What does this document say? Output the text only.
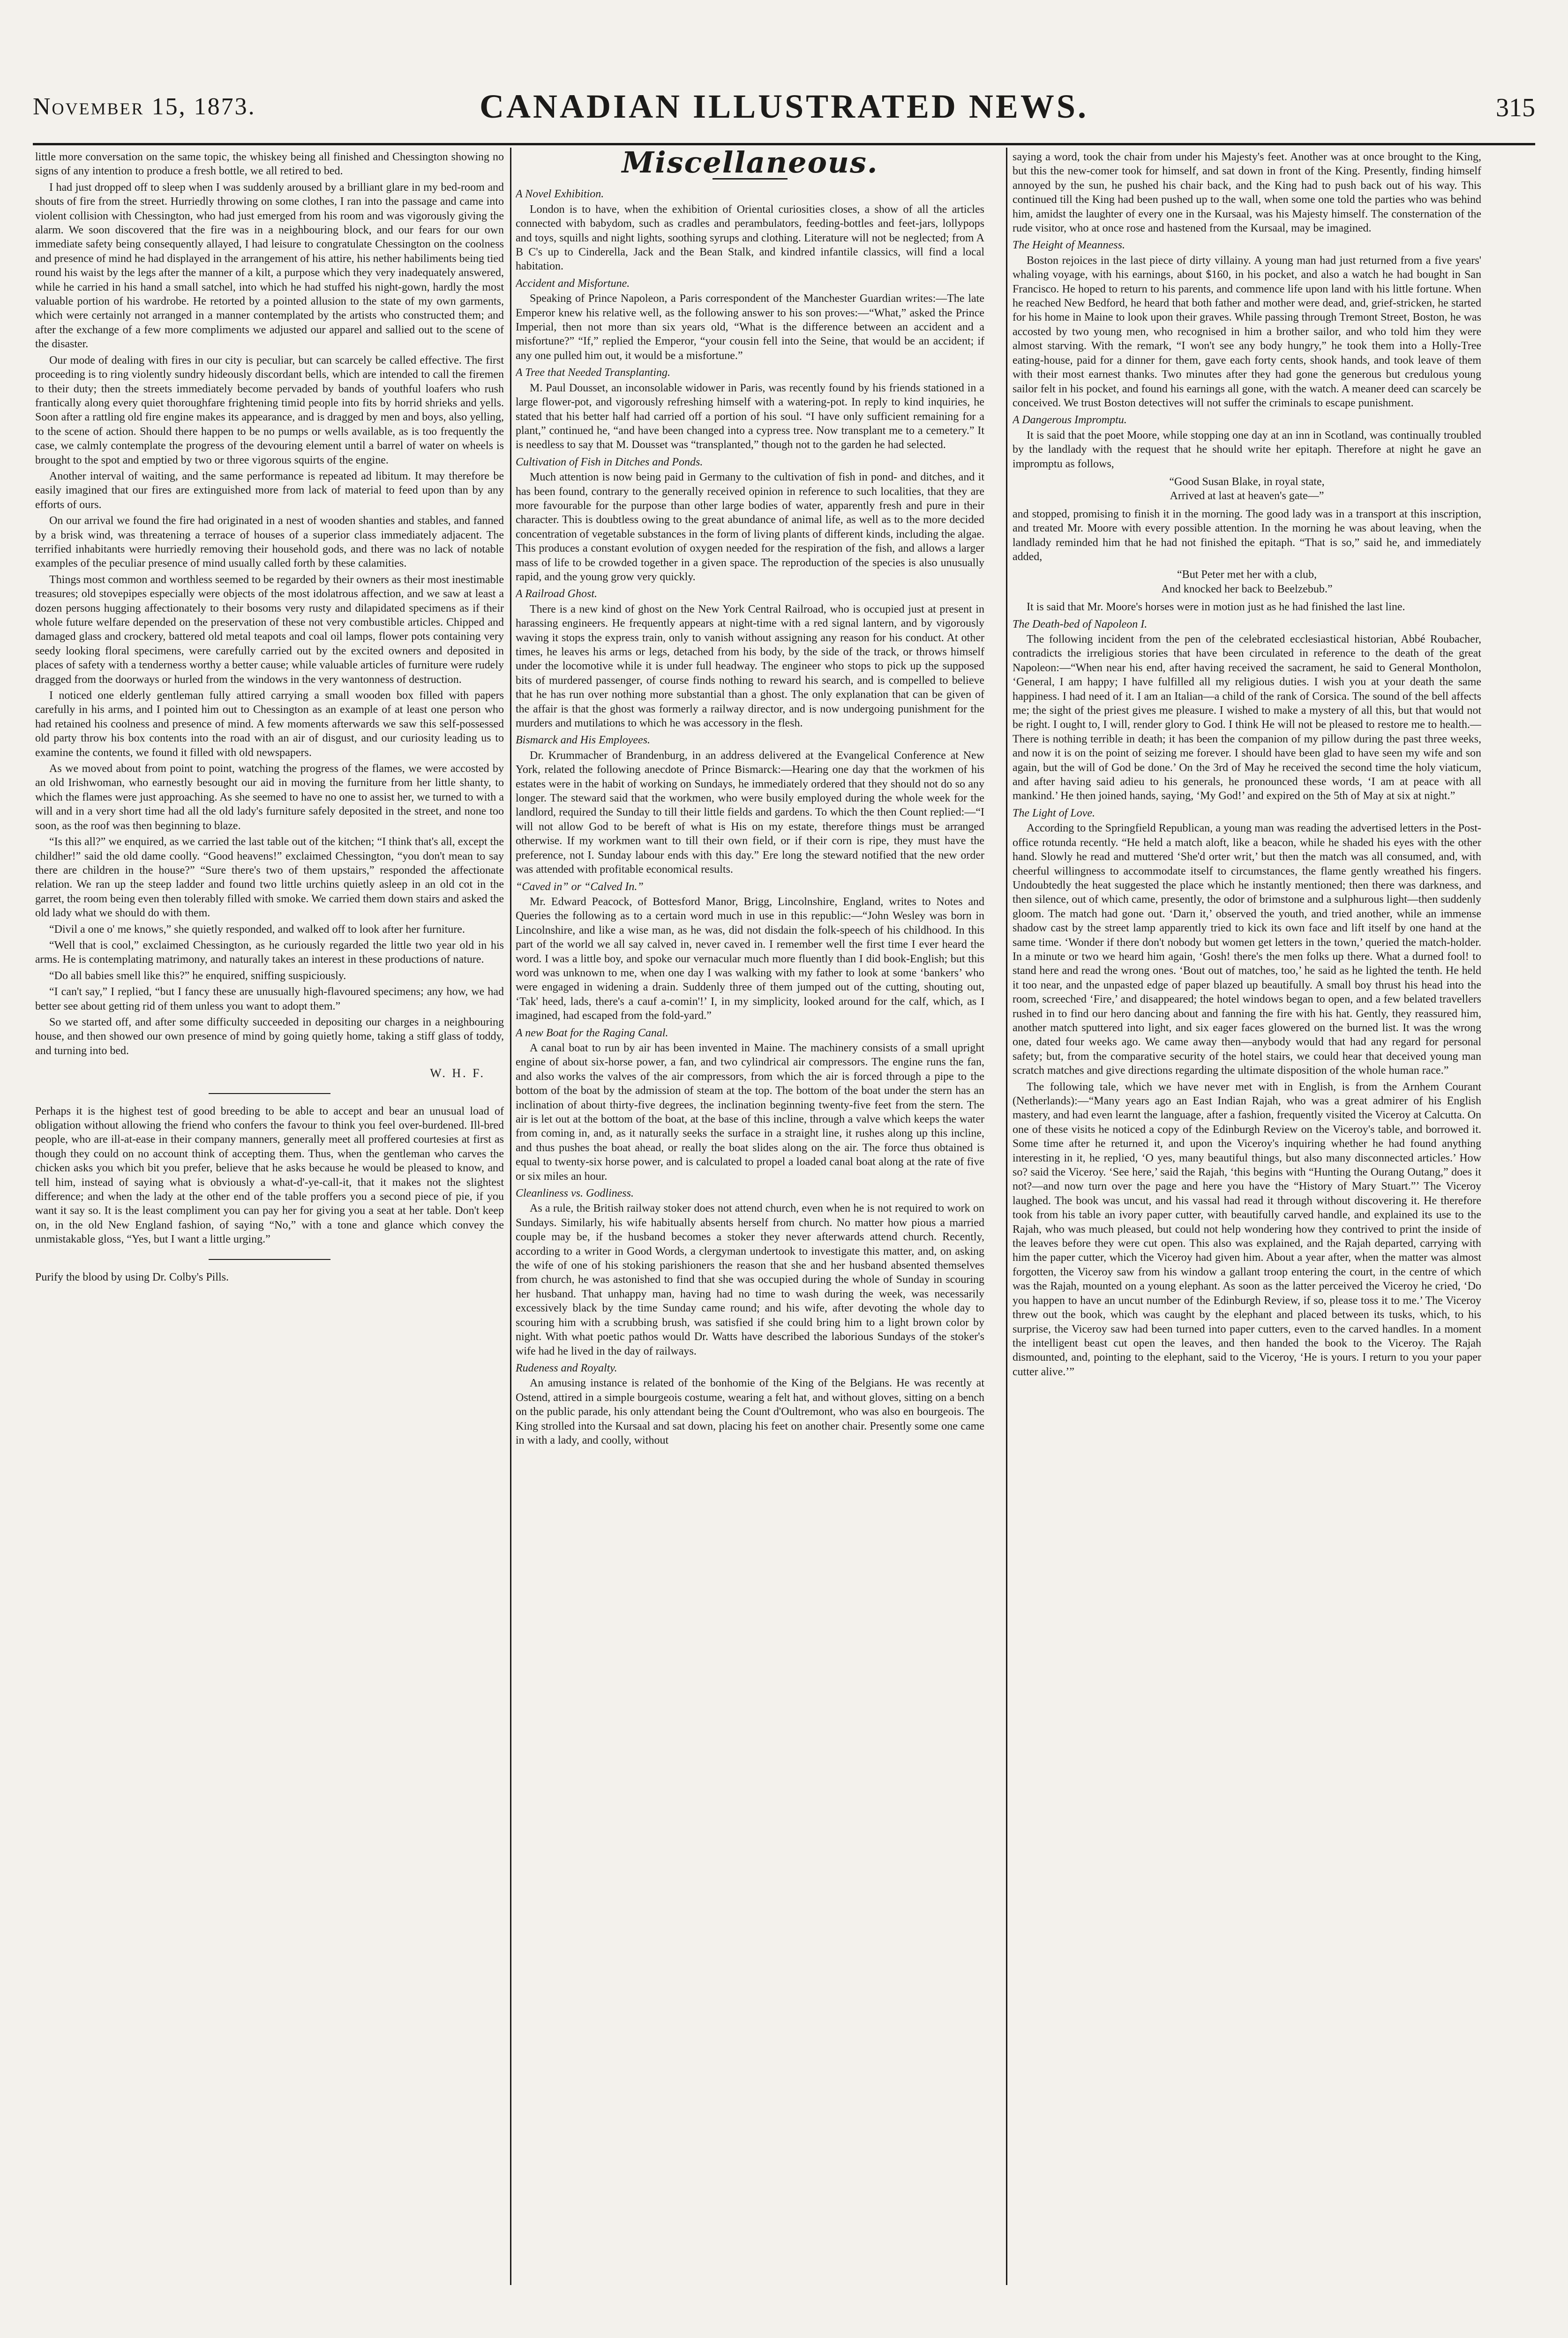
November 15, 1873.	CANADIAN ILLUSTRATED NEWS.	315

little more conversation on the same topic, the whiskey being all finished and Chessington showing no signs of any intention to produce a fresh bottle, we all retired to bed.

I had just dropped off to sleep when I was suddenly aroused by a brilliant glare in my bed-room and shouts of fire from the street. Hurriedly throwing on some clothes, I ran into the passage and came into violent collision with Chessington, who had just emerged from his room and was vigorously giving the alarm. We soon discovered that the fire was in a neighbouring block, and our fears for our own immediate safety being consequently allayed, I had leisure to congratulate Chessington on the coolness and presence of mind he had displayed in the arrangement of his attire, his nether habiliments being tied round his waist by the legs after the manner of a kilt, a purpose which they very inadequately answered, while he carried in his hand a small satchel, into which he had stuffed his night-gown, hardly the most valuable portion of his wardrobe. He retorted by a pointed allusion to the state of my own garments, which were certainly not arranged in a manner contemplated by the artists who constructed them; and after the exchange of a few more compliments we adjusted our apparel and sallied out to the scene of the disaster.

Our mode of dealing with fires in our city is peculiar, but can scarcely be called effective. The first proceeding is to ring violently sundry hideously discordant bells, which are intended to call the firemen to their duty; then the streets immediately become pervaded by bands of youthful loafers who rush frantically along every quiet thoroughfare frightening timid people into fits by horrid shrieks and yells. Soon after a rattling old fire engine makes its appearance, and is dragged by men and boys, also yelling, to the scene of action. Should there happen to be no pumps or wells available, as is too frequently the case, we calmly contemplate the progress of the devouring element until a barrel of water on wheels is brought to the spot and emptied by two or three vigorous squirts of the engine.

Another interval of waiting, and the same performance is repeated ad libitum. It may therefore be easily imagined that our fires are extinguished more from lack of material to feed upon than by any efforts of ours.

On our arrival we found the fire had originated in a nest of wooden shanties and stables, and fanned by a brisk wind, was threatening a terrace of houses of a superior class immediately adjacent. The terrified inhabitants were hurriedly removing their household gods, and there was no lack of notable examples of the peculiar presence of mind usually called forth by these calamities.

Things most common and worthless seemed to be regarded by their owners as their most inestimable treasures; old stovepipes especially were objects of the most idolatrous affection, and we saw at least a dozen persons hugging affectionately to their bosoms very rusty and dilapidated specimens as if their whole future welfare depended on the preservation of these not very combustible articles. Chipped and damaged glass and crockery, battered old metal teapots and coal oil lamps, flower pots containing very seedy looking floral specimens, were carefully carried out by the excited owners and deposited in places of safety with a tenderness worthy a better cause; while valuable articles of furniture were rudely dragged from the doorways or hurled from the windows in the very wantonness of destruction.

I noticed one elderly gentleman fully attired carrying a small wooden box filled with papers carefully in his arms, and I pointed him out to Chessington as an example of at least one person who had retained his coolness and presence of mind. A few moments afterwards we saw this self-possessed old party throw his box contents into the road with an air of disgust, and our curiosity leading us to examine the contents, we found it filled with old newspapers.

As we moved about from point to point, watching the progress of the flames, we were accosted by an old Irishwoman, who earnestly besought our aid in moving the furniture from her little shanty, to which the flames were just approaching. As she seemed to have no one to assist her, we turned to with a will and in a very short time had all the old lady's furniture safely deposited in the street, and none too soon, as the roof was then beginning to blaze.

“Is this all?” we enquired, as we carried the last table out of the kitchen; “I think that's all, except the childher!” said the old dame coolly. “Good heavens!” exclaimed Chessington, “you don't mean to say there are children in the house?” “Sure there's two of them upstairs,” responded the affectionate relation. We ran up the steep ladder and found two little urchins quietly asleep in an old cot in the garret, the room being even then tolerably filled with smoke. We carried them down stairs and asked the old lady what we should do with them.

“Divil a one o' me knows,” she quietly responded, and walked off to look after her furniture.

“Well that is cool,” exclaimed Chessington, as he curiously regarded the little two year old in his arms. He is contemplating matrimony, and naturally takes an interest in these productions of nature.

“Do all babies smell like this?” he enquired, sniffing suspiciously.

“I can't say,” I replied, “but I fancy these are unusually high-flavoured specimens; any how, we had better see about getting rid of them unless you want to adopt them.”

So we started off, and after some difficulty succeeded in depositing our charges in a neighbouring house, and then showed our own presence of mind by going quietly home, taking a stiff glass of toddy, and turning into bed.

W. H. F.

Perhaps it is the highest test of good breeding to be able to accept and bear an unusual load of obligation without allowing the friend who confers the favour to think you feel over-burdened. Ill-bred people, who are ill-at-ease in their company manners, generally meet all proffered courtesies at first as though they could on no account think of accepting them. Thus, when the gentleman who carves the chicken asks you which bit you prefer, believe that he asks because he would be pleased to know, and tell him, instead of saying what is obviously a what-d'-ye-call-it, that it makes not the slightest difference; and when the lady at the other end of the table proffers you a second piece of pie, if you want it say so. It is the least compliment you can pay her for giving you a seat at her table. Don't keep on, in the old New England fashion, of saying “No,” with a tone and glance which convey the unmistakable gloss, “Yes, but I want a little urging.”

Purify the blood by using Dr. Colby's Pills.

Miscellaneous.

A Novel Exhibition.

London is to have, when the exhibition of Oriental curiosities closes, a show of all the articles connected with babydom, such as cradles and perambulators, feeding-bottles and feet-jars, lollypops and toys, squills and night lights, soothing syrups and clothing. Literature will not be neglected; from A B C's up to Cinderella, Jack and the Bean Stalk, and kindred infantile classics, will find a local habitation.

Accident and Misfortune.

Speaking of Prince Napoleon, a Paris correspondent of the Manchester Guardian writes:—The late Emperor knew his relative well, as the following answer to his son proves:—“What,” asked the Prince Imperial, then not more than six years old, “What is the difference between an accident and a misfortune?” “If,” replied the Emperor, “your cousin fell into the Seine, that would be an accident; if any one pulled him out, it would be a misfortune.”

A Tree that Needed Transplanting.

M. Paul Dousset, an inconsolable widower in Paris, was recently found by his friends stationed in a large flower-pot, and vigorously refreshing himself with a watering-pot. In reply to kind inquiries, he stated that his better half had carried off a portion of his soul. “I have only sufficient remaining for a plant,” continued he, “and have been changed into a cypress tree. Now transplant me to a cemetery.” It is needless to say that M. Dousset was “transplanted,” though not to the garden he had selected.

Cultivation of Fish in Ditches and Ponds.

Much attention is now being paid in Germany to the cultivation of fish in pond- and ditches, and it has been found, contrary to the generally received opinion in reference to such localities, that they are more favourable for the purpose than other large bodies of water, apparently fresh and pure in their character. This is doubtless owing to the great abundance of animal life, as well as to the more decided concentration of vegetable substances in the form of living plants of different kinds, including the algae. This produces a constant evolution of oxygen needed for the respiration of the fish, and allows a larger mass of life to be crowded together in a given space. The reproduction of the species is also unusually rapid, and the young grow very quickly.

A Railroad Ghost.

There is a new kind of ghost on the New York Central Railroad, who is occupied just at present in harassing engineers. He frequently appears at night-time with a red signal lantern, and by vigorously waving it stops the express train, only to vanish without assigning any reason for his conduct. At other times, he leaves his arms or legs, detached from his body, by the side of the track, or throws himself under the locomotive while it is under full headway. The engineer who stops to pick up the supposed bits of murdered passenger, of course finds nothing to reward his search, and is compelled to believe that he has run over nothing more substantial than a ghost. The only explanation that can be given of the affair is that the ghost was formerly a railway director, and is now undergoing punishment for the murders and mutilations to which he was accessory in the flesh.

Bismarck and His Employees.

Dr. Krummacher of Brandenburg, in an address delivered at the Evangelical Conference at New York, related the following anecdote of Prince Bismarck:—Hearing one day that the workmen of his estates were in the habit of working on Sundays, he immediately ordered that they should not do so any longer. The steward said that the workmen, who were busily employed during the whole week for the landlord, required the Sunday to till their little fields and gardens. To which the then Count replied:—“I will not allow God to be bereft of what is His on my estate, therefore things must be arranged otherwise. If my workmen want to till their own field, or if their corn is ripe, they must have the preference, not I. Sunday labour ends with this day.” Ere long the steward notified that the new order was attended with profitable economical results.

“Caved in” or “Calved In.”

Mr. Edward Peacock, of Bottesford Manor, Brigg, Lincolnshire, England, writes to Notes and Queries the following as to a certain word much in use in this republic:—“John Wesley was born in Lincolnshire, and like a wise man, as he was, did not disdain the folk-speech of his childhood. In this part of the world we all say calved in, never caved in. I remember well the first time I ever heard the word. I was a little boy, and spoke our vernacular much more fluently than I did book-English; but this word was unknown to me, when one day I was walking with my father to look at some ‘bankers’ who were engaged in widening a drain. Suddenly three of them jumped out of the cutting, shouting out, ‘Tak' heed, lads, there's a cauf a-comin'!’ I, in my simplicity, looked around for the calf, which, as I imagined, had escaped from the fold-yard.”

A new Boat for the Raging Canal.

A canal boat to run by air has been invented in Maine. The machinery consists of a small upright engine of about six-horse power, a fan, and two cylindrical air compressors. The engine runs the fan, and also works the valves of the air compressors, from which the air is forced through a pipe to the bottom of the boat by the admission of steam at the top. The bottom of the boat under the stern has an inclination of about thirty-five degrees, the inclination beginning twenty-five feet from the stern. The air is let out at the bottom of the boat, at the base of this incline, through a valve which keeps the water from coming in, and, as it naturally seeks the surface in a straight line, it rushes along up this incline, and thus pushes the boat ahead, or really the boat slides along on the air. The force thus obtained is equal to twenty-six horse power, and is calculated to propel a loaded canal boat along at the rate of five or six miles an hour.

Cleanliness vs. Godliness.

As a rule, the British railway stoker does not attend church, even when he is not required to work on Sundays. Similarly, his wife habitually absents herself from church. No matter how pious a married couple may be, if the husband becomes a stoker they never afterwards attend church. Recently, according to a writer in Good Words, a clergyman undertook to investigate this matter, and, on asking the wife of one of his stoking parishioners the reason that she and her husband absented themselves from church, he was astonished to find that she was occupied during the whole of Sunday in scouring her husband. That unhappy man, having had no time to wash during the week, was necessarily excessively black by the time Sunday came round; and his wife, after devoting the whole day to scouring him with a scrubbing brush, was satisfied if she could bring him to a light brown color by night. With what poetic pathos would Dr. Watts have described the laborious Sundays of the stoker's wife had he lived in the day of railways.

Rudeness and Royalty.

An amusing instance is related of the bonhomie of the King of the Belgians. He was recently at Ostend, attired in a simple bourgeois costume, wearing a felt hat, and without gloves, sitting on a bench on the public parade, his only attendant being the Count d'Oultremont, who was also en bourgeois. The King strolled into the Kursaal and sat down, placing his feet on another chair. Presently some one came in with a lady, and coolly, without

saying a word, took the chair from under his Majesty's feet. Another was at once brought to the King, but this the new-comer took for himself, and sat down in front of the King. Presently, finding himself annoyed by the sun, he pushed his chair back, and the King had to push back out of his way. This continued till the King had been pushed up to the wall, when some one told the parties who was behind him, amidst the laughter of every one in the Kursaal, was his Majesty himself. The consternation of the rude visitor, who at once rose and hastened from the Kursaal, may be imagined.

The Height of Meanness.

Boston rejoices in the last piece of dirty villainy. A young man had just returned from a five years' whaling voyage, with his earnings, about $160, in his pocket, and also a watch he had bought in San Francisco. He hoped to return to his parents, and commence life upon land with his little fortune. When he reached New Bedford, he heard that both father and mother were dead, and, grief-stricken, he started for his home in Maine to look upon their graves. While passing through Tremont Street, Boston, he was accosted by two young men, who recognised in him a brother sailor, and who told him they were almost starving. With the remark, “I won't see any body hungry,” he took them into a Holly-Tree eating-house, paid for a dinner for them, gave each forty cents, shook hands, and took leave of them with their most earnest thanks. Two minutes after they had gone the generous but credulous young sailor felt in his pocket, and found his earnings all gone, with the watch. A meaner deed can scarcely be conceived. We trust Boston detectives will not suffer the criminals to escape punishment.

A Dangerous Impromptu.

It is said that the poet Moore, while stopping one day at an inn in Scotland, was continually troubled by the landlady with the request that he should write her epitaph. Therefore at night he gave an impromptu as follows,

“Good Susan Blake, in royal state,
Arrived at last at heaven's gate—”

and stopped, promising to finish it in the morning. The good lady was in a transport at this inscription, and treated Mr. Moore with every possible attention. In the morning he was about leaving, when the landlady reminded him that he had not finished the epitaph. “That is so,” said he, and immediately added,

“But Peter met her with a club,
And knocked her back to Beelzebub.”

It is said that Mr. Moore's horses were in motion just as he had finished the last line.

The Death-bed of Napoleon I.

The following incident from the pen of the celebrated ecclesiastical historian, Abbé Roubacher, contradicts the irreligious stories that have been circulated in reference to the death of the great Napoleon:—“When near his end, after having received the sacrament, he said to General Montholon, ‘General, I am happy; I have fulfilled all my religious duties. I wish you at your death the same happiness. I had need of it. I am an Italian—a child of the rank of Corsica. The sound of the bell affects me; the sight of the priest gives me pleasure. I wished to make a mystery of all this, but that would not be right. I ought to, I will, render glory to God. I think He will not be pleased to restore me to health.—There is nothing terrible in death; it has been the companion of my pillow during the past three weeks, and now it is on the point of seizing me forever. I should have been glad to have seen my wife and son again, but the will of God be done.’ On the 3rd of May he received the second time the holy viaticum, and after having said adieu to his generals, he pronounced these words, ‘I am at peace with all mankind.’ He then joined hands, saying, ‘My God!’ and expired on the 5th of May at six at night.”

The Light of Love.

According to the Springfield Republican, a young man was reading the advertised letters in the Post-office rotunda recently. “He held a match aloft, like a beacon, while he shaded his eyes with the other hand. Slowly he read and muttered ‘She'd orter writ,’ but then the match was all consumed, and, with cheerful willingness to accommodate itself to circumstances, the flame gently wreathed his fingers. Undoubtedly the heat suggested the place which he instantly mentioned; then there was darkness, and then silence, out of which came, presently, the odor of brimstone and a sulphurous light—then suddenly gloom. The match had gone out. ‘Darn it,’ observed the youth, and tried another, while an immense shadow cast by the street lamp apparently tried to kick its own face and lift itself by one hand at the same time. ‘Wonder if there don't nobody but women get letters in the town,’ queried the match-holder. In a minute or two we heard him again, ‘Gosh! there's the men folks up there. What a durned fool! to stand here and read the wrong ones. ‘Bout out of matches, too,’ he said as he lighted the tenth. He held it too near, and the unpasted edge of paper blazed up beautifully. A small boy thrust his head into the room, screeched ‘Fire,’ and disappeared; the hotel windows began to open, and a few belated travellers rushed in to find our hero dancing about and fanning the fire with his hat. Gently, they reassured him, another match sputtered into light, and six eager faces glowered on the burned list. It was the wrong one, dated four weeks ago. We came away then—anybody would that had any regard for personal safety; but, from the comparative security of the hotel stairs, we could hear that deceived young man scratch matches and give directions regarding the ultimate disposition of the whole human race.”

The following tale, which we have never met with in English, is from the Arnhem Courant (Netherlands):—“Many years ago an East Indian Rajah, who was a great admirer of his English mastery, and had even learnt the language, after a fashion, frequently visited the Viceroy at Calcutta. On one of these visits he noticed a copy of the Edinburgh Review on the Viceroy's table, and borrowed it. Some time after he returned it, and upon the Viceroy's inquiring whether he had found anything interesting in it, he replied, ‘O yes, many beautiful things, but also many disconnected articles.’ How so? said the Viceroy. ‘See here,’ said the Rajah, ‘this begins with “Hunting the Ourang Outang,” does it not?—and now turn over the page and here you have the “History of Mary Stuart.”’ The Viceroy laughed. The book was uncut, and his vassal had read it through without discovering it. He therefore took from his table an ivory paper cutter, with beautifully carved handle, and explained its use to the Rajah, who was much pleased, but could not help wondering how they contrived to print the inside of the leaves before they were cut open. This also was explained, and the Rajah departed, carrying with him the paper cutter, which the Viceroy had given him. About a year after, when the matter was almost forgotten, the Viceroy saw from his window a gallant troop entering the court, in the centre of which was the Rajah, mounted on a young elephant. As soon as the latter perceived the Viceroy he cried, ‘Do you happen to have an uncut number of the Edinburgh Review, if so, please toss it to me.’ The Viceroy threw out the book, which was caught by the elephant and placed between its tusks, which, to his surprise, the Viceroy saw had been turned into paper cutters, even to the carved handles. In a moment the intelligent beast cut open the leaves, and then handed the book to the Viceroy. The Rajah dismounted, and, pointing to the elephant, said to the Viceroy, ‘He is yours. I return to you your paper cutter alive.’”
